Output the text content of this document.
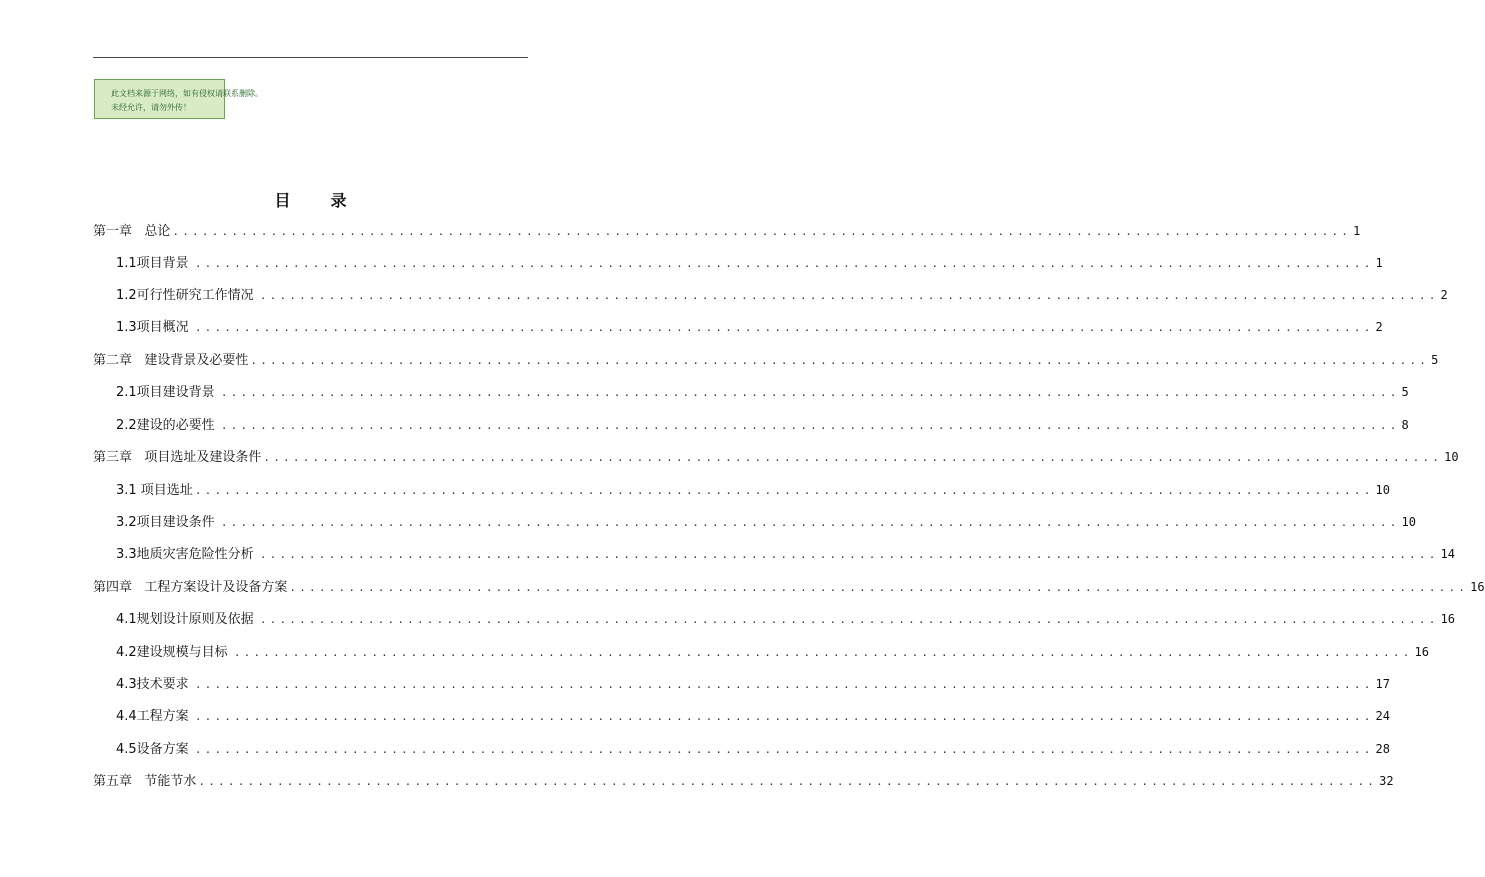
此文档来源于网络，如有侵权请联系删除。
未经允许，请勿外传！
目录
第一章   总论 ........................................................................................................................ 1
1.1项目背景 ........................................................................................................................ 1
1.2可行性研究工作情况 ........................................................................................................................ 2
1.3项目概况 ........................................................................................................................ 2
第二章   建设背景及必要性 ........................................................................................................................ 5
2.1项目建设背景 ........................................................................................................................ 5
2.2建设的必要性 ........................................................................................................................ 8
第三章   项目选址及建设条件 ........................................................................................................................ 10
3.1 项目选址 ........................................................................................................................ 10
3.2项目建设条件 ........................................................................................................................ 10
3.3地质灾害危险性分析 ........................................................................................................................ 14
第四章   工程方案设计及设备方案 ........................................................................................................................ 16
4.1规划设计原则及依据 ........................................................................................................................ 16
4.2建设规模与目标 ........................................................................................................................ 16
4.3技术要求 ........................................................................................................................ 17
4.4工程方案 ........................................................................................................................ 24
4.5设备方案 ........................................................................................................................ 28
第五章   节能节水 ........................................................................................................................ 32
